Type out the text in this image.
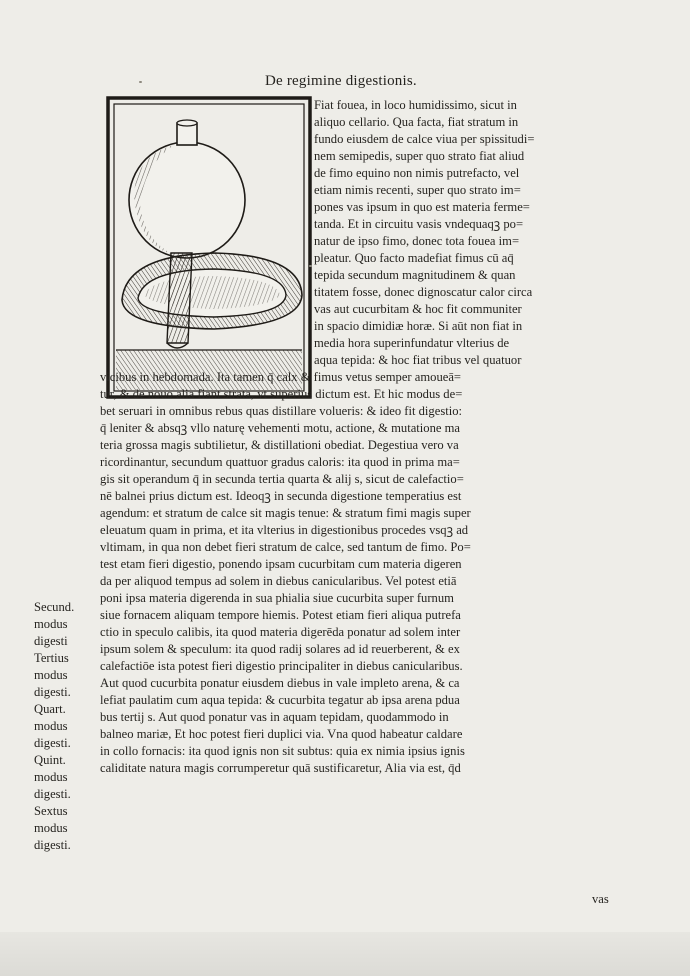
De regimine digestionis.
Fiat fouea, in loco humidissimo, sicut in
aliquo cellario. Qua facta, fiat stratum in
fundo eiusdem de calce viua per spissitudi=
nem semipedis, super quo strato fiat aliud
de fimo equino non nimis putrefacto, vel
etiam nimis recenti, super quo strato im=
pones vas ipsum in quo est materia ferme=
tanda. Et in circuitu vasis vndequaqꝫ po=
natur de ipso fimo, donec tota fouea im=
pleatur. Quo facto madefiat fimus cū aq̄
tepida secundum magnitudinem & quan
titatem fosse, donec dignoscatur calor circa
vas aut cucurbitam & hoc fit communiter
in spacio dimidiæ horæ. Si aūt non fiat in
media hora superinfundatur vlterius de
aqua tepida: & hoc fiat tribus vel quatuor
vicibus in hebdomada. Ita tamen q̄ calx & fimus vetus semper amoueā=
tur, & de nouo alia fiant strata, vt superius dictum est. Et hic modus de=
bet seruari in omnibus rebus quas distillare volueris: & ideo fit digestio:
q̄ leniter & absqꝫ vllo naturę vehementi motu, actione, & mutatione ma
teria grossa magis subtilietur, & distillationi obediat. Degestiua vero va
ricordinantur, secundum quattuor gradus caloris: ita quod in prima ma=
gis sit operandum q̄ in secunda tertia quarta & alij s, sicut de calefactio=
nē balnei prius dictum est. Ideoqꝫ in secunda digestione temperatius est
agendum: et stratum de calce sit magis tenue: & stratum fimi magis super
eleuatum quam in prima, et ita vlterius in digestionibus procedes vsqꝫ ad
vltimam, in qua non debet fieri stratum de calce, sed tantum de fimo. Po=
test etam fieri digestio, ponendo ipsam cucurbitam cum materia digeren
da per aliquod tempus ad solem in diebus canicularibus. Vel potest etiā
poni ipsa materia digerenda in sua phialia siue cucurbita super furnum
siue fornacem aliquam tempore hiemis. Potest etiam fieri aliqua putrefa
ctio in speculo calibis, ita quod materia digerēda ponatur ad solem inter
ipsum solem & speculum: ita quod radij solares ad id reuerberent, & ex
calefactiōe ista potest fieri digestio principaliter in diebus canicularibus.
Aut quod cucurbita ponatur eiusdem diebus in vale impleto arena, & ca
lefiat paulatim cum aqua tepida: & cucurbita tegatur ab ipsa arena pdua
bus tertij s. Aut quod ponatur vas in aquam tepidam, quodammodo in
balneo mariæ, Et hoc potest fieri duplici via. Vna quod habeatur caldare
in collo fornacis: ita quod ignis non sit subtus: quia ex nimia ipsius ignis
caliditate natura magis corrumperetur quā sustificaretur, Alia via est, q̄d
Secund.
modus
digesti
Tertius
modus
digesti.
Quart.
modus
digesti.
Quint.
modus
digesti.
Sextus
modus
digesti.
vas
